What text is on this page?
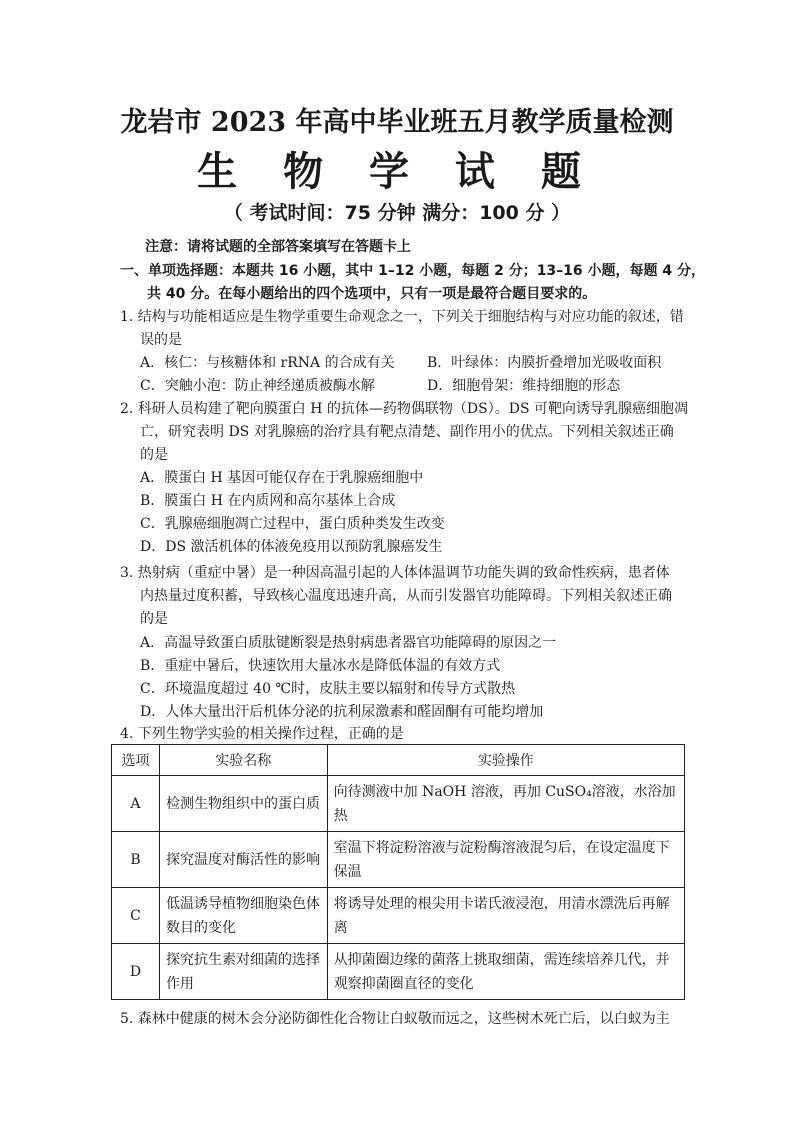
龙岩市 2023 年高中毕业班五月教学质量检测
生 物 学 试 题
（ 考试时间：75 分钟 满分：100 分 ）
注意：请将试题的全部答案填写在答题卡上
一、单项选择题：本题共 16 小题，其中 1–12 小题，每题 2 分；13–16 小题，每题 4 分，
共 40 分。在每小题给出的四个选项中，只有一项是最符合题目要求的。
1. 结构与功能相适应是生物学重要生命观念之一，下列关于细胞结构与对应功能的叙述，错
误的是
A．核仁：与核糖体和 rRNA 的合成有关 B．叶绿体：内膜折叠增加光吸收面积
C．突触小泡：防止神经递质被酶水解	D．细胞骨架：维持细胞的形态
2. 科研人员构建了靶向膜蛋白 H 的抗体—药物偶联物（DS）。DS 可靶向诱导乳腺癌细胞凋
亡，研究表明 DS 对乳腺癌的治疗具有靶点清楚、副作用小的优点。下列相关叙述正确
的是
A．膜蛋白 H 基因可能仅存在于乳腺癌细胞中
B．膜蛋白 H 在内质网和高尔基体上合成
C．乳腺癌细胞凋亡过程中，蛋白质种类发生改变
D．DS 激活机体的体液免疫用以预防乳腺癌发生
3. 热射病（重症中暑）是一种因高温引起的人体体温调节功能失调的致命性疾病，患者体
内热量过度积蓄，导致核心温度迅速升高，从而引发器官功能障碍。下列相关叙述正确
的是
A．高温导致蛋白质肽键断裂是热射病患者器官功能障碍的原因之一
B．重症中暑后，快速饮用大量冰水是降低体温的有效方式
C．环境温度超过 40 ℃时，皮肤主要以辐射和传导方式散热
D．人体大量出汗后机体分泌的抗利尿激素和醛固酮有可能均增加
4. 下列生物学实验的相关操作过程，正确的是
选项	实验名称	实验操作
A	检测生物组织中的蛋白质	向待测液中加 NaOH 溶液，再加 CuSO₄溶液，水浴加热
B	探究温度对酶活性的影响	室温下将淀粉溶液与淀粉酶溶液混匀后，在设定温度下保温
C	低温诱导植物细胞染色体数目的变化	将诱导处理的根尖用卡诺氏液浸泡，用清水漂洗后再解离
D	探究抗生素对细菌的选择作用	从抑菌圈边缘的菌落上挑取细菌，需连续培养几代，并观察抑菌圈直径的变化
5. 森林中健康的树木会分泌防御性化合物让白蚁敬而远之，这些树木死亡后，以白蚁为主
